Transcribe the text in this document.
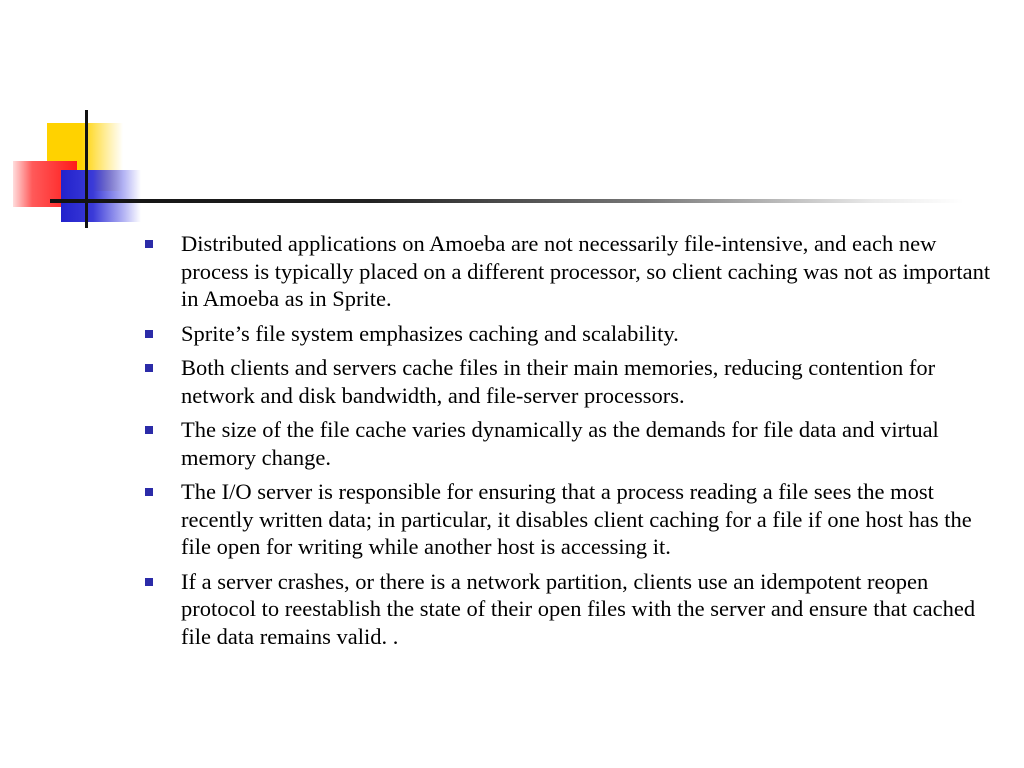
Distributed applications on Amoeba are not necessarily file-intensive, and each new process is typically placed on a different processor, so client caching was not as important in Amoeba as in Sprite.
Sprite’s file system emphasizes caching and scalability.
Both clients and servers cache files in their main memories, reducing contention for network and disk bandwidth, and file-server processors.
The size of the file cache varies dynamically as the demands for file data and virtual memory change.
The I/O server is responsible for ensuring that a process reading a file sees the most recently written data; in particular, it disables client caching for a file if one host has the file open for writing while another host is accessing it.
If a server crashes, or there is a network partition, clients use an idempotent reopen protocol to reestablish the state of their open files with the server and ensure that cached file data remains valid. .
